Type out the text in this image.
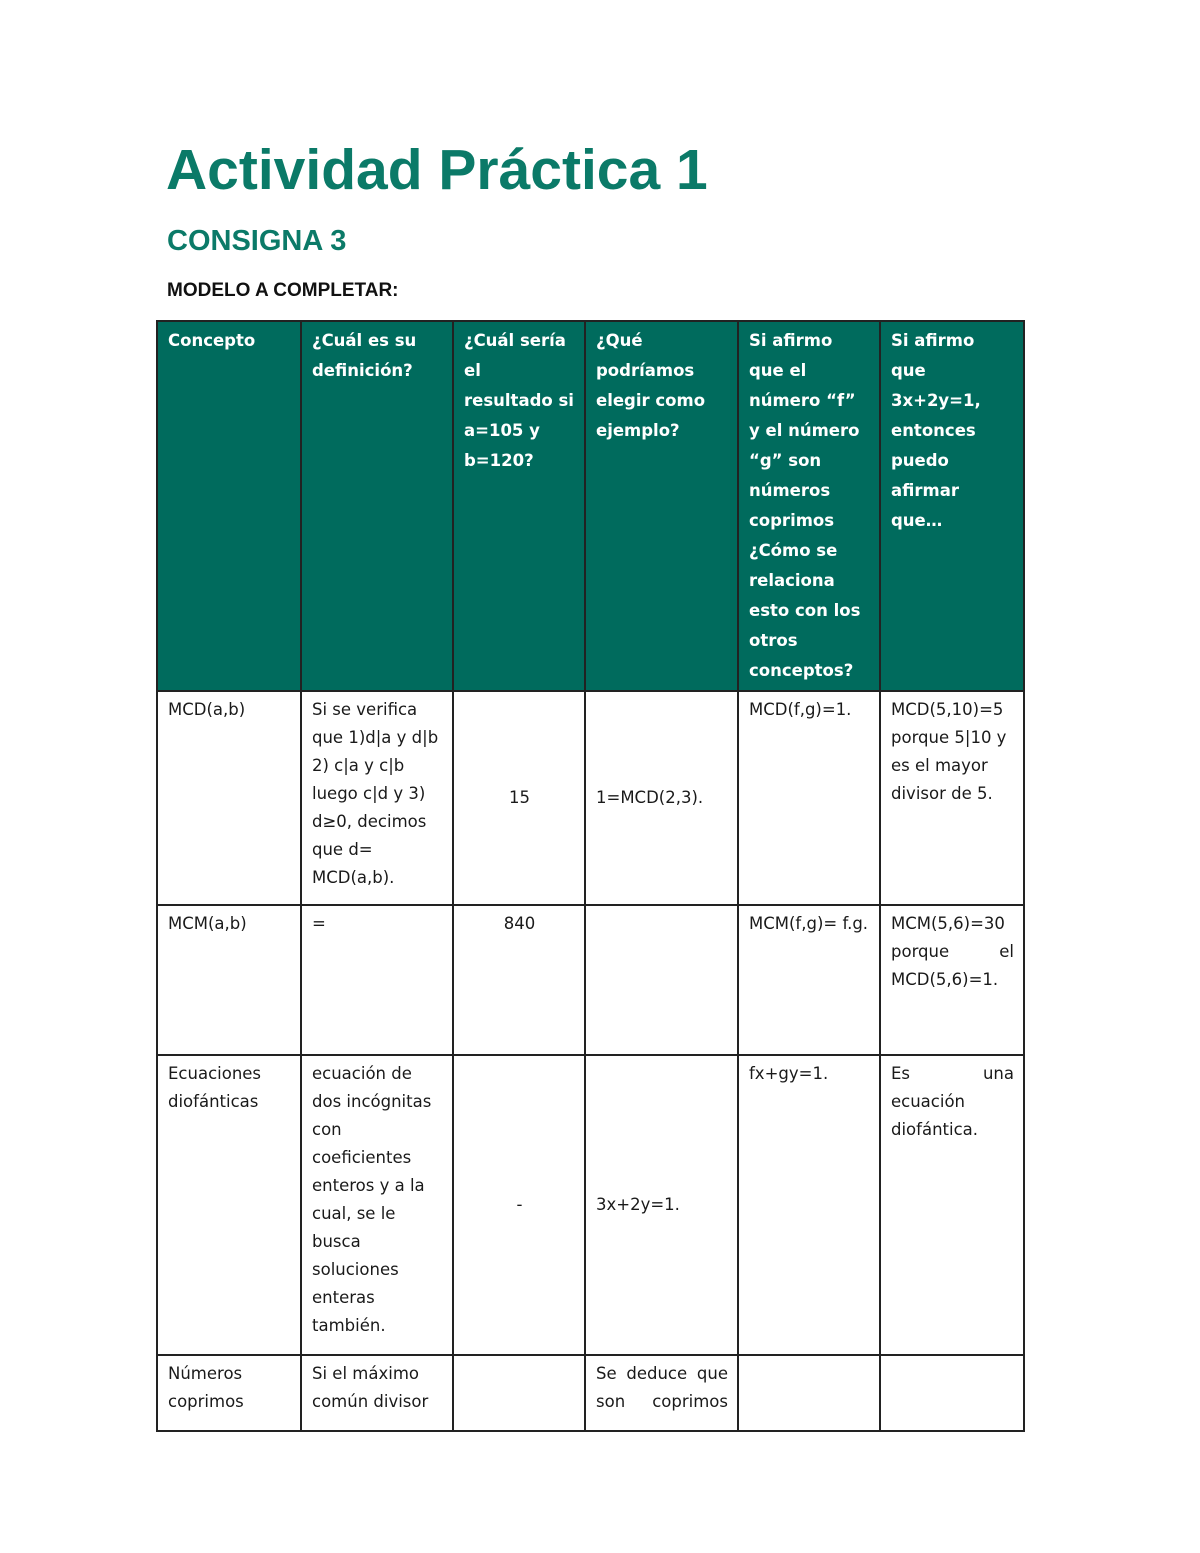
Actividad Práctica 1
CONSIGNA 3

MODELO A COMPLETAR:

Concepto	¿Cuál es su definición?	¿Cuál sería el resultado si a=105 y b=120?	¿Qué podríamos elegir como ejemplo?	Si afirmo que el número “f” y el número “g” son números coprimos ¿Cómo se relaciona esto con los otros conceptos?	Si afirmo que 3x+2y=1, entonces puedo afirmar que…
MCD(a,b)	Si se verifica que 1)d|a y d|b 2) c|a y c|b luego c|d y 3) d≥0, decimos que d= MCD(a,b).	15	1=MCD(2,3).	MCD(f,g)=1.	MCD(5,10)=5 porque 5|10 y es el mayor divisor de 5.
MCM(a,b)	=	840		MCM(f,g)= f.g.	MCM(5,6)=30 porque el MCD(5,6)=1.
Ecuaciones diofánticas	ecuación de dos incógnitas con coeficientes enteros y a la cual, se le busca soluciones enteras también.	-	3x+2y=1.	fx+gy=1.	Es una ecuación diofántica.
Números coprimos	Si el máximo común divisor		Se deduce que son coprimos		
